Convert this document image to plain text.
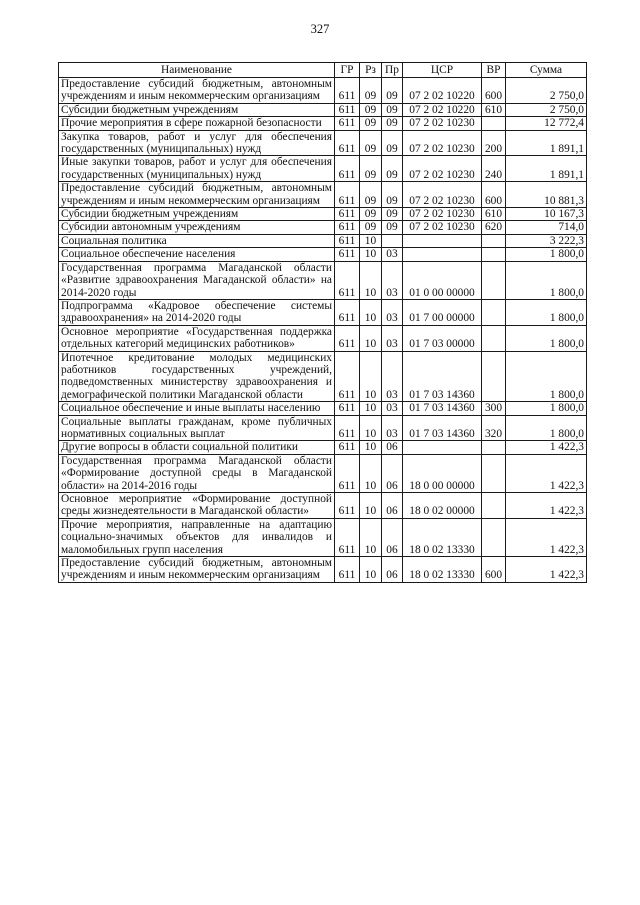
327
Наименование	ГР	Рз	Пр	ЦСР	ВР	Сумма
Предоставление субсидий бюджетным, автономным учреждениям и иным некоммерческим организациям	611	09	09	07 2 02 10220	600	2 750,0
Субсидии бюджетным учреждениям	611	09	09	07 2 02 10220	610	2 750,0
Прочие мероприятия в сфере пожарной безопасности	611	09	09	07 2 02 10230		12 772,4
Закупка товаров, работ и услуг для обеспечения государственных (муниципальных) нужд	611	09	09	07 2 02 10230	200	1 891,1
Иные закупки товаров, работ и услуг для обеспечения государственных (муниципальных) нужд	611	09	09	07 2 02 10230	240	1 891,1
Предоставление субсидий бюджетным, автономным учреждениям и иным некоммерческим организациям	611	09	09	07 2 02 10230	600	10 881,3
Субсидии бюджетным учреждениям	611	09	09	07 2 02 10230	610	10 167,3
Субсидии автономным учреждениям	611	09	09	07 2 02 10230	620	714,0
Социальная политика	611	10				3 222,3
Социальное обеспечение населения	611	10	03			1 800,0
Государственная программа Магаданской области «Развитие здравоохранения Магаданской области» на 2014-2020 годы	611	10	03	01 0 00 00000		1 800,0
Подпрограмма «Кадровое обеспечение системы здравоохранения» на 2014-2020 годы	611	10	03	01 7 00 00000		1 800,0
Основное мероприятие «Государственная поддержка отдельных категорий медицинских работников»	611	10	03	01 7 03 00000		1 800,0
Ипотечное кредитование молодых медицинских работников государственных учреждений, подведомственных министерству здравоохранения и демографической политики Магаданской области	611	10	03	01 7 03 14360		1 800,0
Социальное обеспечение и иные выплаты населению	611	10	03	01 7 03 14360	300	1 800,0
Социальные выплаты гражданам, кроме публичных нормативных социальных выплат	611	10	03	01 7 03 14360	320	1 800,0
Другие вопросы в области социальной политики	611	10	06			1 422,3
Государственная программа Магаданской области «Формирование доступной среды в Магаданской области» на 2014-2016 годы	611	10	06	18 0 00 00000		1 422,3
Основное мероприятие «Формирование доступной среды жизнедеятельности в Магаданской области»	611	10	06	18 0 02 00000		1 422,3
Прочие мероприятия, направленные на адаптацию социально-значимых объектов для инвалидов и маломобильных групп населения	611	10	06	18 0 02 13330		1 422,3
Предоставление субсидий бюджетным, автономным учреждениям и иным некоммерческим организациям	611	10	06	18 0 02 13330	600	1 422,3
